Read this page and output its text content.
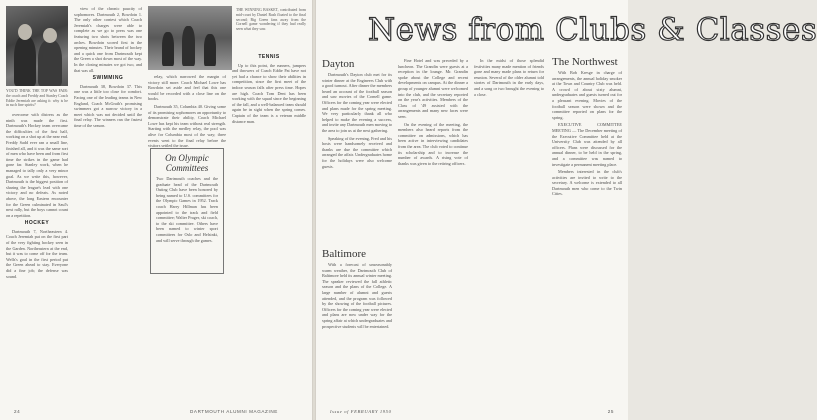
YOU'D THINK THE TOP WAS FAIR: the coach and Freddy and Stanley Coach Eddie Jeremiah are asking it: why is he in such fine spirits?

overcome with distress as the ninth was made the first. Dartmouth's Hockey team overcame the difficulties of the first half, working on a shot up at the near end. Freddy Sadd ever ran a small line, finished all, and it was the same sort of men who have been and from first time the strikes in the game had gone far. Stanley work, when he managed to tally only a very minor goal. As we write this, however, Dartmouth is the biggest position of sharing the league's lead with one victory and no defeats. As noted above, the long Eastern encounter for the Green culminated in Saul's next rally, but the boys cannot count on a repetition.

HOCKEY

Dartmouth 7, Northeastern 4. Coach Jeremiah put on the first part of the very fighting hockey seen in the Garden. Northeastern at the end, but it was to come off for the team. Wells's goal in the first period put the Green ahead to stay. Everyone did a fine job; the defense was sound.

view of the chronic paucity of sophomores. Dartmouth 2, Bowdoin 1. The only other contest which Coach Jeremiah's charges were able to complete as we go to press was one featuring two shots between the two arches. Bowdoin scored first in the opening minutes. Their brand of hockey and a quick one from Dartmouth kept the Green a shot down most of the way. In the closing minutes we got two, and that was all.

SWIMMING

Dartmouth 38, Bowdoin 37. This one was a little too close for comfort. Facing one of the leading teams in New England, Coach McGrath's promising swimmers got a narrow victory in a meet which was not decided until the final relay. The winners ran the fastest time of the season.

THE WINNING BASKET, contributed from mid-court by Daniel Rash floated to the final second; Big Green fans away from the Cornell game wondering if they had really seen what they saw.

relay, which narrowed the margin of victory still more. Coach Michael Lowe has Bowdoin set aside and feel that this one would be recorded with a close line on the books.

Dartmouth 35, Columbia 40. Giving some of its promising sophomores an opportunity to demonstrate their ability, Coach Michael Lowe has kept his team without real strength. Starting with the medley relay, the pool was alive for Columbia most of the way; three events went to the final relay before the visitors settled the issue.

On Olympic Committees
Two Dartmouth coaches and the graduate head of the Dartmouth Outing Club have been honored by being named to U.S. committees for the Olympic Games in 1952. Track coach Harry Hillman has been appointed to the track and field committee; Walter Prager, ski coach, to the ski committee. Others have been named to winter sport committees for Oslo and Helsinki, and will serve through the games.
TENNIS

Up to this point, the runners, jumpers and throwers of Coach Eddie Pat have not yet had a chance to show their abilities in competition, since the first meet of the indoor season falls after press time. Hopes are high. Coach Tom Dent has been working with the squad since the beginning of the fall, and a well-balanced team should again be in sight when the spring comes. Captain of the team is a veteran middle distance man.

24	DARTMOUTH ALUMNI MAGAZINE
News from Clubs & Classes
Dayton

Dartmouth's Dayton club met for its winter dinner at the Engineers Club with a good turnout. After dinner the members heard an account of the football season and saw movies of the Cornell game. Officers for the coming year were elected and plans made for the spring meeting. We very particularly thank all who helped to make the evening a success, and invite any Dartmouth men moving to the area to join us at the next gathering.

Speaking of the evening, Fred and his hosts were handsomely received and thanks are due the committee which arranged the affair. Undergraduates home for the holidays were also welcome guests.

Baltimore

With a forecast of unseasonably warm weather, the Dartmouth Club of Baltimore held its annual winter meeting. The speaker reviewed the fall athletic season and the plans of the College. A large number of alumni and guests attended, and the program was followed by the showing of the football pictures. Officers for the coming year were elected and plans are now under way for the spring affair at which undergraduates and prospective students will be entertained.

Fine Hotel and was preceded by a luncheon. The Grandin were guests at a reception in the lounge. Mr. Grandin spoke about the College and recent developments on campus. At the dinner a group of younger alumni were welcomed into the club, and the secretary reported on the year's activities. Members of the Class of '49 assisted with the arrangements and many new faces were seen.

On the evening of the meeting, the members also heard reports from the committee on admissions, which has been active in interviewing candidates from the area. The club voted to continue its scholarship and to increase the number of awards. A rising vote of thanks was given to the retiring officers.

In the midst of those splendid festivities many made mention of friends gone and many made plans to return for reunion. Several of the older alumni told stories of Dartmouth in the early days, and a song or two brought the evening to a close.

The Northwest

With Bob Kresge in charge of arrangements, the annual holiday smoker at the Town and Country Club was held. A crowd of about sixty alumni, undergraduates and guests turned out for a pleasant evening. Movies of the football season were shown and the committee reported on plans for the spring.

EXECUTIVE COMMITTEE MEETING — The December meeting of the Executive Committee held at the University Club was attended by all officers. Plans were discussed for the annual dinner, to be held in the spring, and a committee was named to investigate a permanent meeting place.

Members interested in the club's activities are invited to write to the secretary. A welcome is extended to all Dartmouth men who come to the Twin Cities.

Issue of FEBRUARY 1950	25
